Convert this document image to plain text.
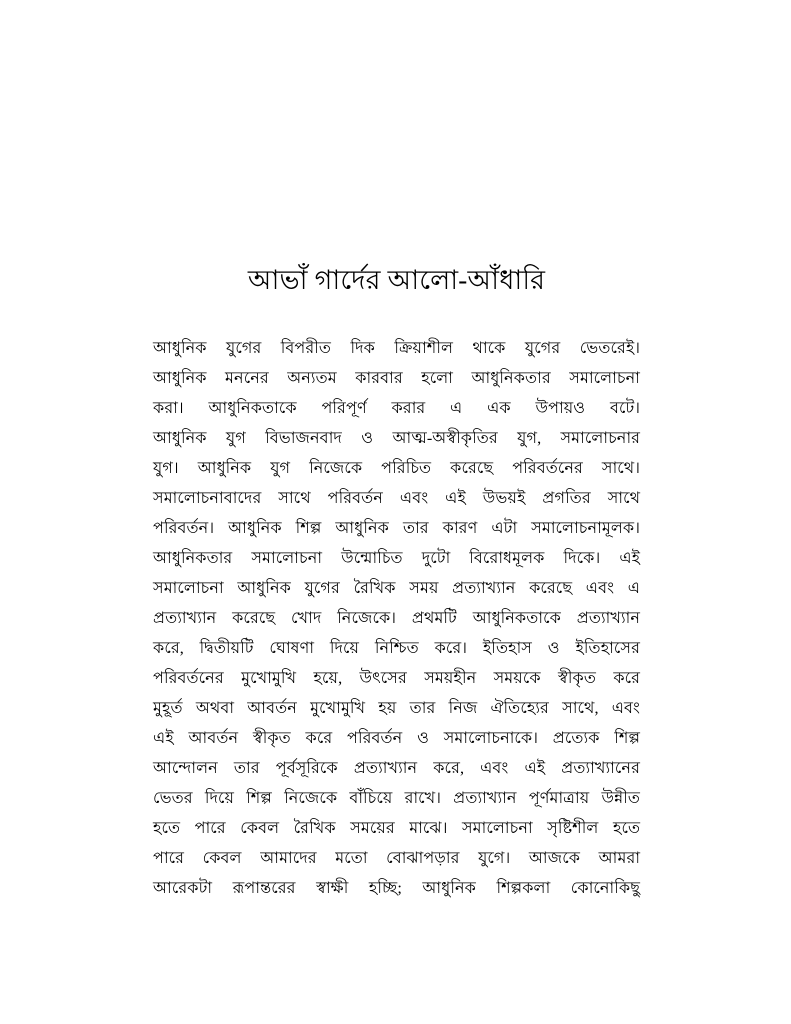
আভাঁ গার্দের আলো-আঁধারি
আধুনিক যুগের বিপরীত দিক ক্রিয়াশীল থাকে যুগের ভেতরেই।
আধুনিক মননের অন্যতম কারবার হলো আধুনিকতার সমালোচনা
করা। আধুনিকতাকে পরিপূর্ণ করার এ এক উপায়ও বটে।
আধুনিক যুগ বিভাজনবাদ ও আত্ম-অস্বীকৃতির যুগ, সমালোচনার
যুগ। আধুনিক যুগ নিজেকে পরিচিত করেছে পরিবর্তনের সাথে।
সমালোচনাবাদের সাথে পরিবর্তন এবং এই উভয়ই প্রগতির সাথে
পরিবর্তন। আধুনিক শিল্প আধুনিক তার কারণ এটা সমালোচনামূলক।
আধুনিকতার সমালোচনা উন্মোচিত দুটো বিরোধমূলক দিকে। এই
সমালোচনা আধুনিক যুগের রৈখিক সময় প্রত্যাখ্যান করেছে এবং এ
প্রত্যাখ্যান করেছে খোদ নিজেকে। প্রথমটি আধুনিকতাকে প্রত্যাখ্যান
করে, দ্বিতীয়টি ঘোষণা দিয়ে নিশ্চিত করে। ইতিহাস ও ইতিহাসের
পরিবর্তনের মুখোমুখি হয়ে, উৎসের সময়হীন সময়কে স্বীকৃত করে
মুহূর্ত অথবা আবর্তন মুখোমুখি হয় তার নিজ ঐতিহ্যের সাথে, এবং
এই আবর্তন স্বীকৃত করে পরিবর্তন ও সমালোচনাকে। প্রত্যেক শিল্প
আন্দোলন তার পূর্বসূরিকে প্রত্যাখ্যান করে, এবং এই প্রত্যাখ্যানের
ভেতর দিয়ে শিল্প নিজেকে বাঁচিয়ে রাখে। প্রত্যাখ্যান পূর্ণমাত্রায় উন্নীত
হতে পারে কেবল রৈখিক সময়ের মাঝে। সমালোচনা সৃষ্টিশীল হতে
পারে কেবল আমাদের মতো বোঝাপড়ার যুগে। আজকে আমরা
আরেকটা রূপান্তরের স্বাক্ষী হচ্ছি; আধুনিক শিল্পকলা কোনোকিছু
